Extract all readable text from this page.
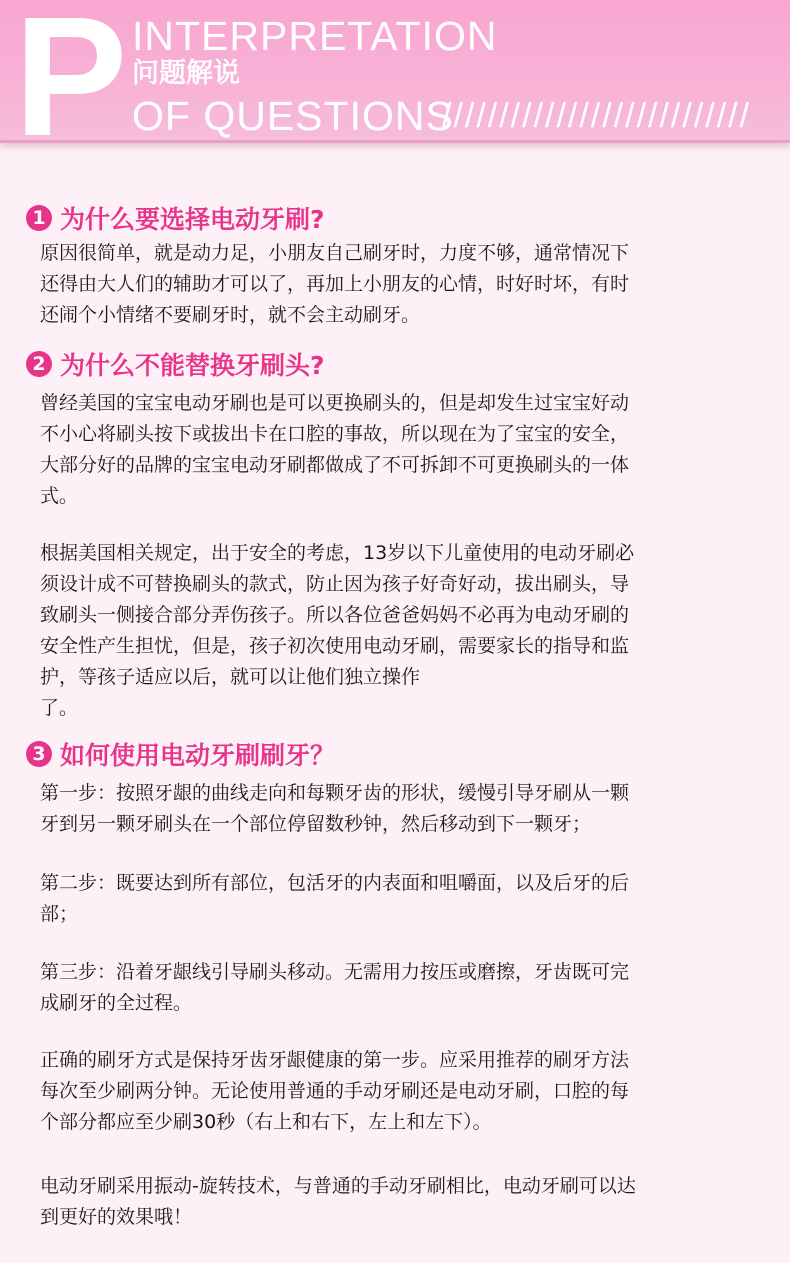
P INTERPRETATION
问题解说
OF QUESTIONS
///////////////////////////
1 为什么要选择电动牙刷?
原因很简单，就是动力足，小朋友自己刷牙时，力度不够，通常情况下
还得由大人们的辅助才可以了，再加上小朋友的心情，时好时坏，有时
还闹个小情绪不要刷牙时，就不会主动刷牙。
2 为什么不能替换牙刷头?
曾经美国的宝宝电动牙刷也是可以更换刷头的，但是却发生过宝宝好动
不小心将刷头按下或拔出卡在口腔的事故，所以现在为了宝宝的安全，
大部分好的品牌的宝宝电动牙刷都做成了不可拆卸不可更换刷头的一体
式。
根据美国相关规定，出于安全的考虑，13岁以下儿童使用的电动牙刷必
须设计成不可替换刷头的款式，防止因为孩子好奇好动，拔出刷头，导
致刷头一侧接合部分弄伤孩子。所以各位爸爸妈妈不必再为电动牙刷的
安全性产生担忧，但是，孩子初次使用电动牙刷，需要家长的指导和监
护，等孩子适应以后，就可以让他们独立操作
了。
3 如何使用电动牙刷刷牙？
第一步：按照牙龈的曲线走向和每颗牙齿的形状，缓慢引导牙刷从一颗
牙到另一颗牙刷头在一个部位停留数秒钟，然后移动到下一颗牙；
第二步：既要达到所有部位，包活牙的内表面和咀嚼面，以及后牙的后
部；
第三步：沿着牙龈线引导刷头移动。无需用力按压或磨擦，牙齿既可完
成刷牙的全过程。
正确的刷牙方式是保持牙齿牙龈健康的第一步。应采用推荐的刷牙方法
每次至少刷两分钟。无论使用普通的手动牙刷还是电动牙刷，口腔的每
个部分都应至少刷30秒（右上和右下，左上和左下）。
电动牙刷采用振动-旋转技术，与普通的手动牙刷相比，电动牙刷可以达
到更好的效果哦！
